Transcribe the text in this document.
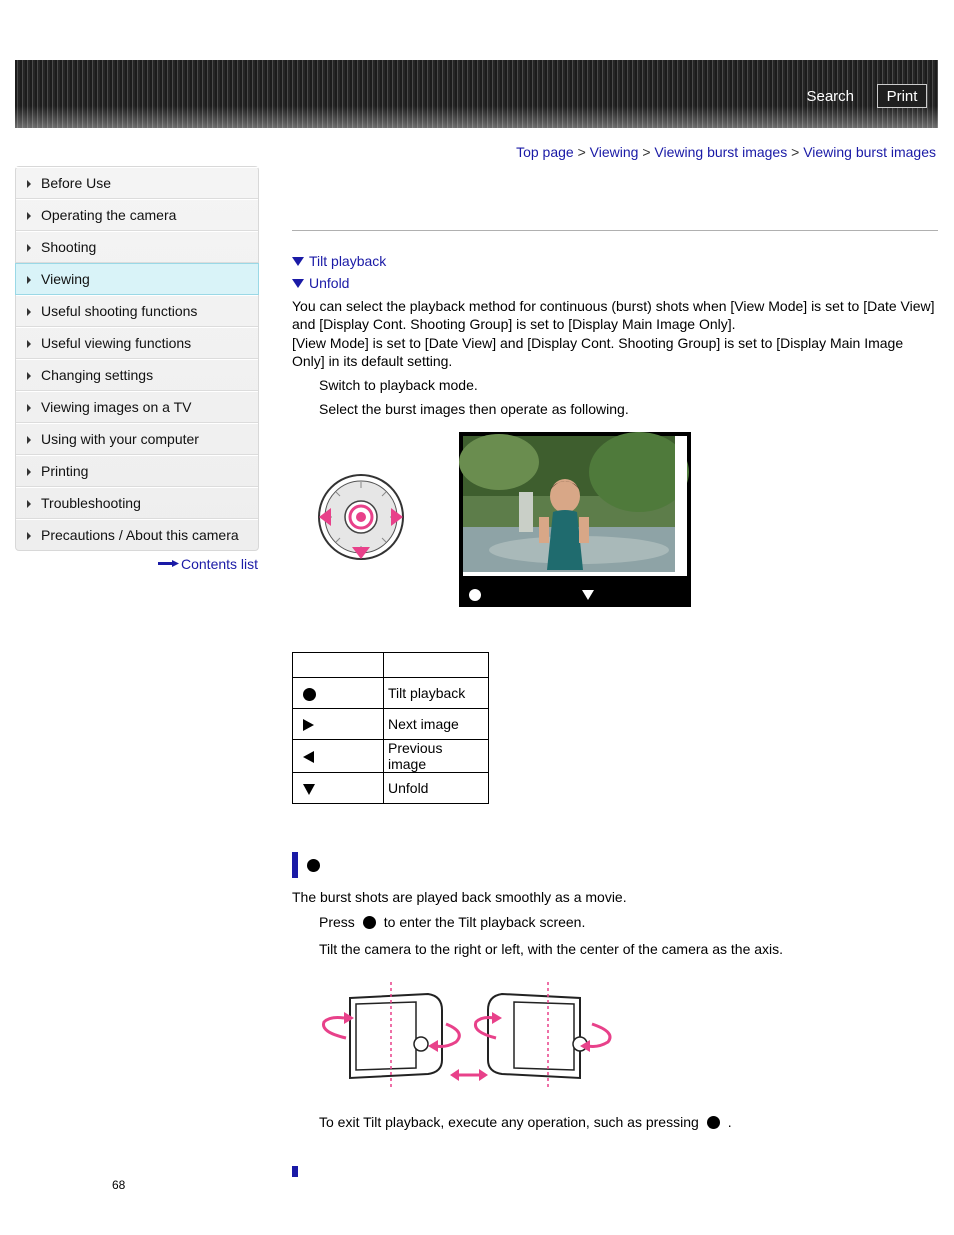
Search	Print
Top page > Viewing > Viewing burst images > Viewing burst images
Before Use
Operating the camera
Shooting
Viewing
Useful shooting functions
Useful viewing functions
Changing settings
Viewing images on a TV
Using with your computer
Printing
Troubleshooting
Precautions / About this camera
Contents list
Tilt playback
Unfold
You can select the playback method for continuous (burst) shots when [View Mode] is set to [Date View] and [Display Cont. Shooting Group] is set to [Display Main Image Only].
[View Mode] is set to [Date View] and [Display Cont. Shooting Group] is set to [Display Main Image Only] in its default setting.
Switch to playback mode.
Select the burst images then operate as following.

	Tilt playback
	Next image
	Previous image
	Unfold
The burst shots are played back smoothly as a movie.
Press to enter the Tilt playback screen.
Tilt the camera to the right or left, with the center of the camera as the axis.
To exit Tilt playback, execute any operation, such as pressing .
68
